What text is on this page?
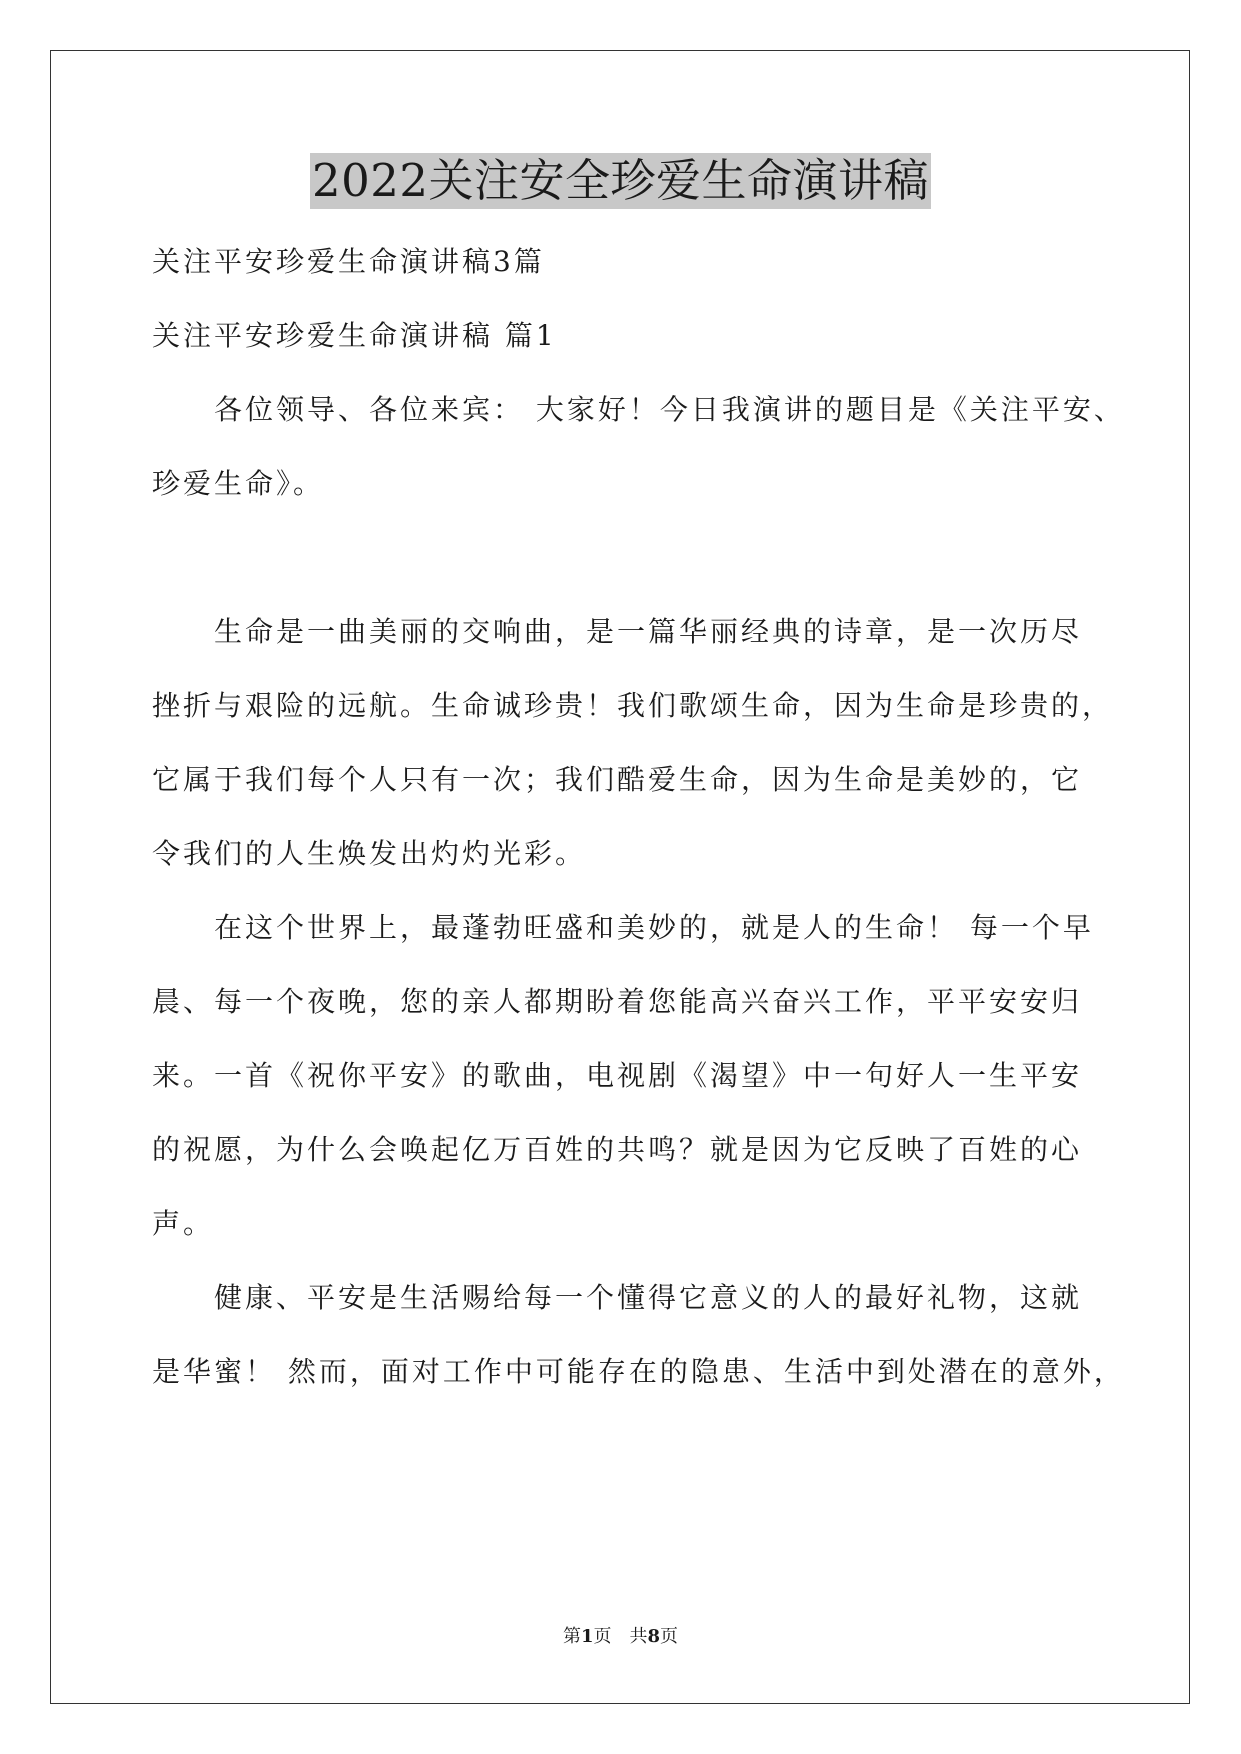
2022关注安全珍爱生命演讲稿

关注平安珍爱生命演讲稿3篇

关注平安珍爱生命演讲稿 篇1

各位领导、各位来宾： 大家好！今日我演讲的题目是《关注平安、

珍爱生命》。

生命是一曲美丽的交响曲，是一篇华丽经典的诗章，是一次历尽

挫折与艰险的远航。生命诚珍贵！我们歌颂生命，因为生命是珍贵的，

它属于我们每个人只有一次；我们酷爱生命，因为生命是美妙的，它

令我们的人生焕发出灼灼光彩。

在这个世界上，最蓬勃旺盛和美妙的，就是人的生命！ 每一个早

晨、每一个夜晚，您的亲人都期盼着您能高兴奋兴工作，平平安安归

来。一首《祝你平安》的歌曲，电视剧《渴望》中一句好人一生平安

的祝愿，为什么会唤起亿万百姓的共鸣？就是因为它反映了百姓的心

声。

健康、平安是生活赐给每一个懂得它意义的人的最好礼物，这就

是华蜜！ 然而，面对工作中可能存在的隐患、生活中到处潜在的意外，

第1页　共8页
